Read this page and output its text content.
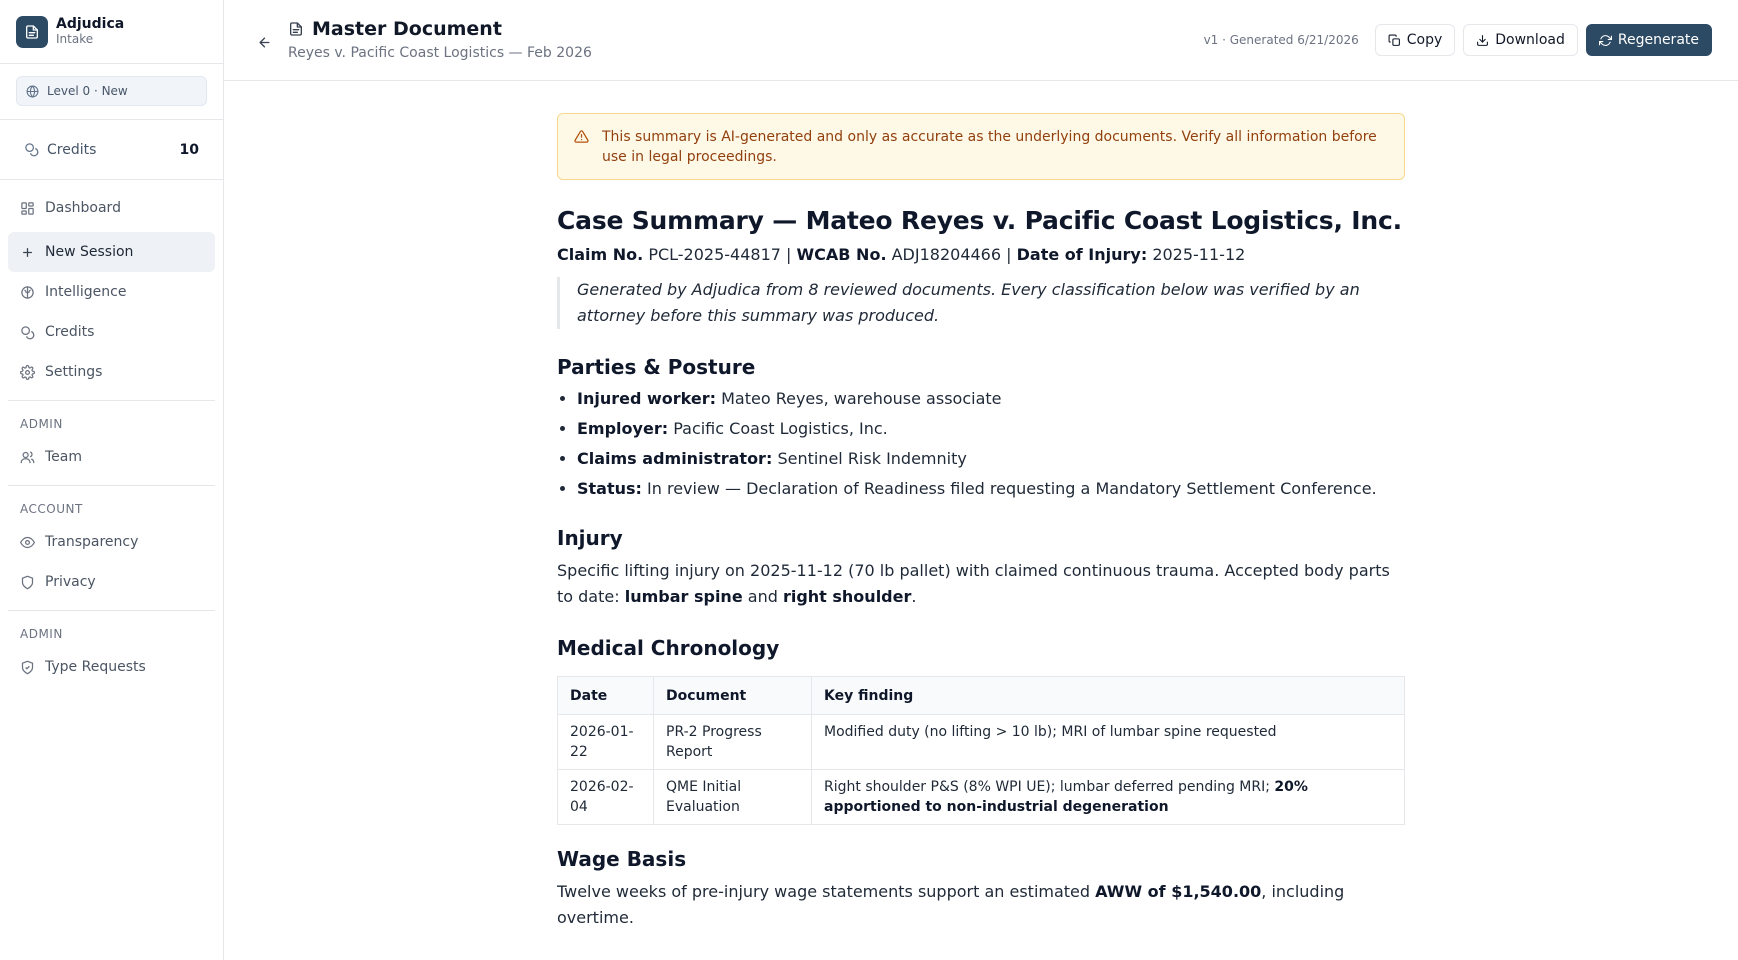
Adjudica
Intake
Level 0 · New
Credits	10
Dashboard
New Session
Intelligence
Credits
Settings
ADMIN
Team
ACCOUNT
Transparency
Privacy
ADMIN
Type Requests
Master Document
Reyes v. Pacific Coast Logistics — Feb 2026
v1 · Generated 6/21/2026	Copy	Download	Regenerate
This summary is AI-generated and only as accurate as the underlying documents. Verify all information before use in legal proceedings.
Case Summary — Mateo Reyes v. Pacific Coast Logistics, Inc.
Claim No. PCL-2025-44817 | WCAB No. ADJ18204466 | Date of Injury: 2025-11-12
Generated by Adjudica from 8 reviewed documents. Every classification below was verified by an attorney before this summary was produced.
Parties & Posture
• Injured worker: Mateo Reyes, warehouse associate
• Employer: Pacific Coast Logistics, Inc.
• Claims administrator: Sentinel Risk Indemnity
• Status: In review — Declaration of Readiness filed requesting a Mandatory Settlement Conference.
Injury

Specific lifting injury on 2025-11-12 (70 lb pallet) with claimed continuous trauma. Accepted body parts to date: lumbar spine and right shoulder.

Medical Chronology
Date	Document	Key finding
2026-01-22	PR-2 Progress Report	Modified duty (no lifting > 10 lb); MRI of lumbar spine requested
2026-02-04	QME Initial Evaluation	Right shoulder P&S (8% WPI UE); lumbar deferred pending MRI; 20% apportioned to non-industrial degeneration
Wage Basis

Twelve weeks of pre-injury wage statements support an estimated AWW of $1,540.00, including overtime.
